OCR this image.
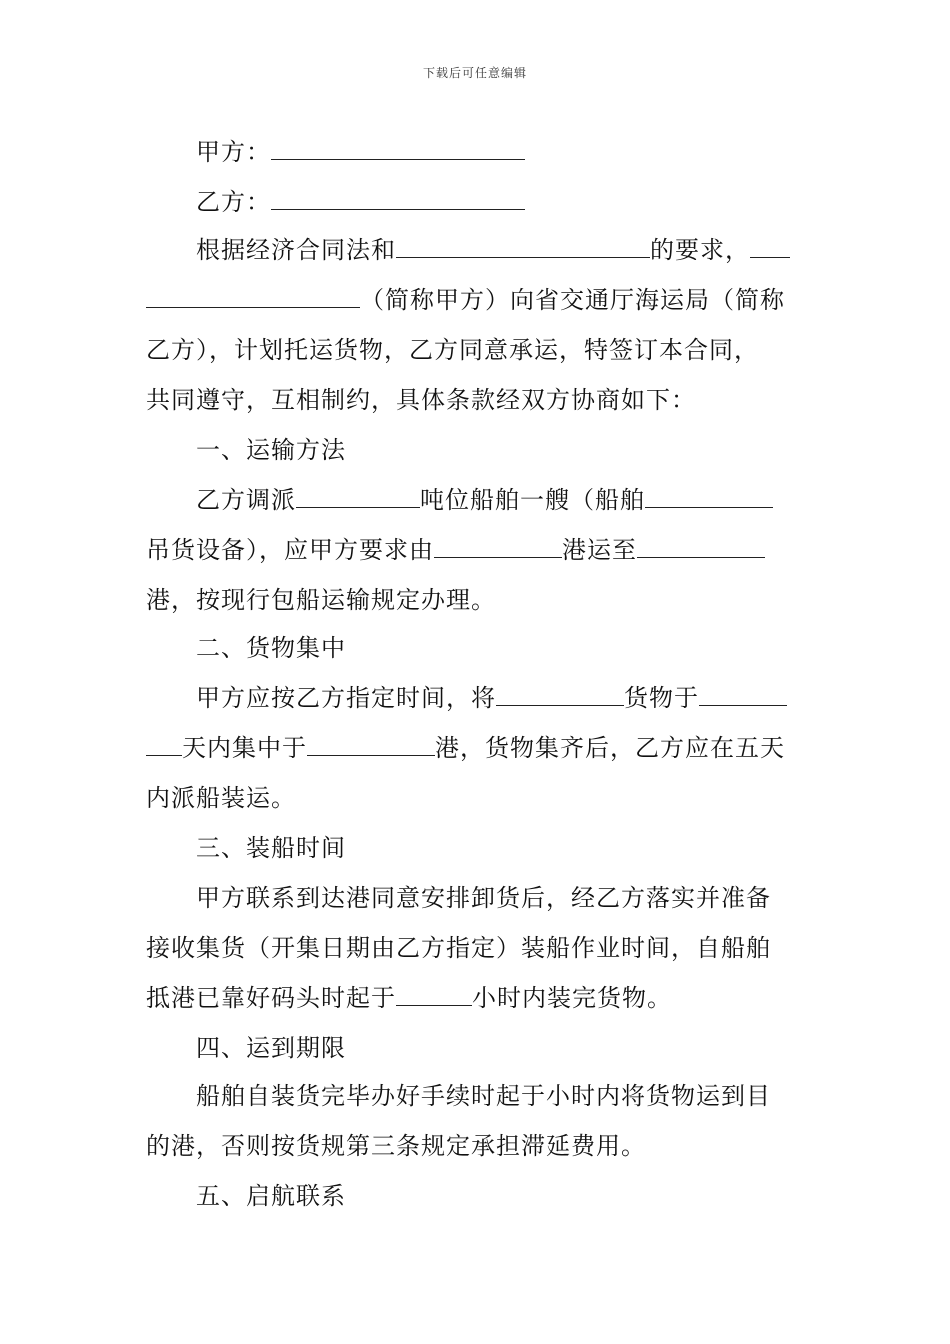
下载后可任意编辑
甲方：
乙方：
根据经济合同法和	的要求，
（简称甲方）向省交通厅海运局（简称
乙方），计划托运货物，乙方同意承运，特签订本合同，
共同遵守，互相制约，具体条款经双方协商如下：
一、运输方法
乙方调派	吨位船舶一艘（船舶
吊货设备），应甲方要求由	港运至
港，按现行包船运输规定办理。
二、货物集中
甲方应按乙方指定时间，将	货物于
天内集中于	港，货物集齐后，乙方应在五天
内派船装运。
三、装船时间
甲方联系到达港同意安排卸货后，经乙方落实并准备
接收集货（开集日期由乙方指定）装船作业时间，自船舶
抵港已靠好码头时起于	小时内装完货物。
四、运到期限
船舶自装货完毕办好手续时起于小时内将货物运到目
的港，否则按货规第三条规定承担滞延费用。
五、启航联系
